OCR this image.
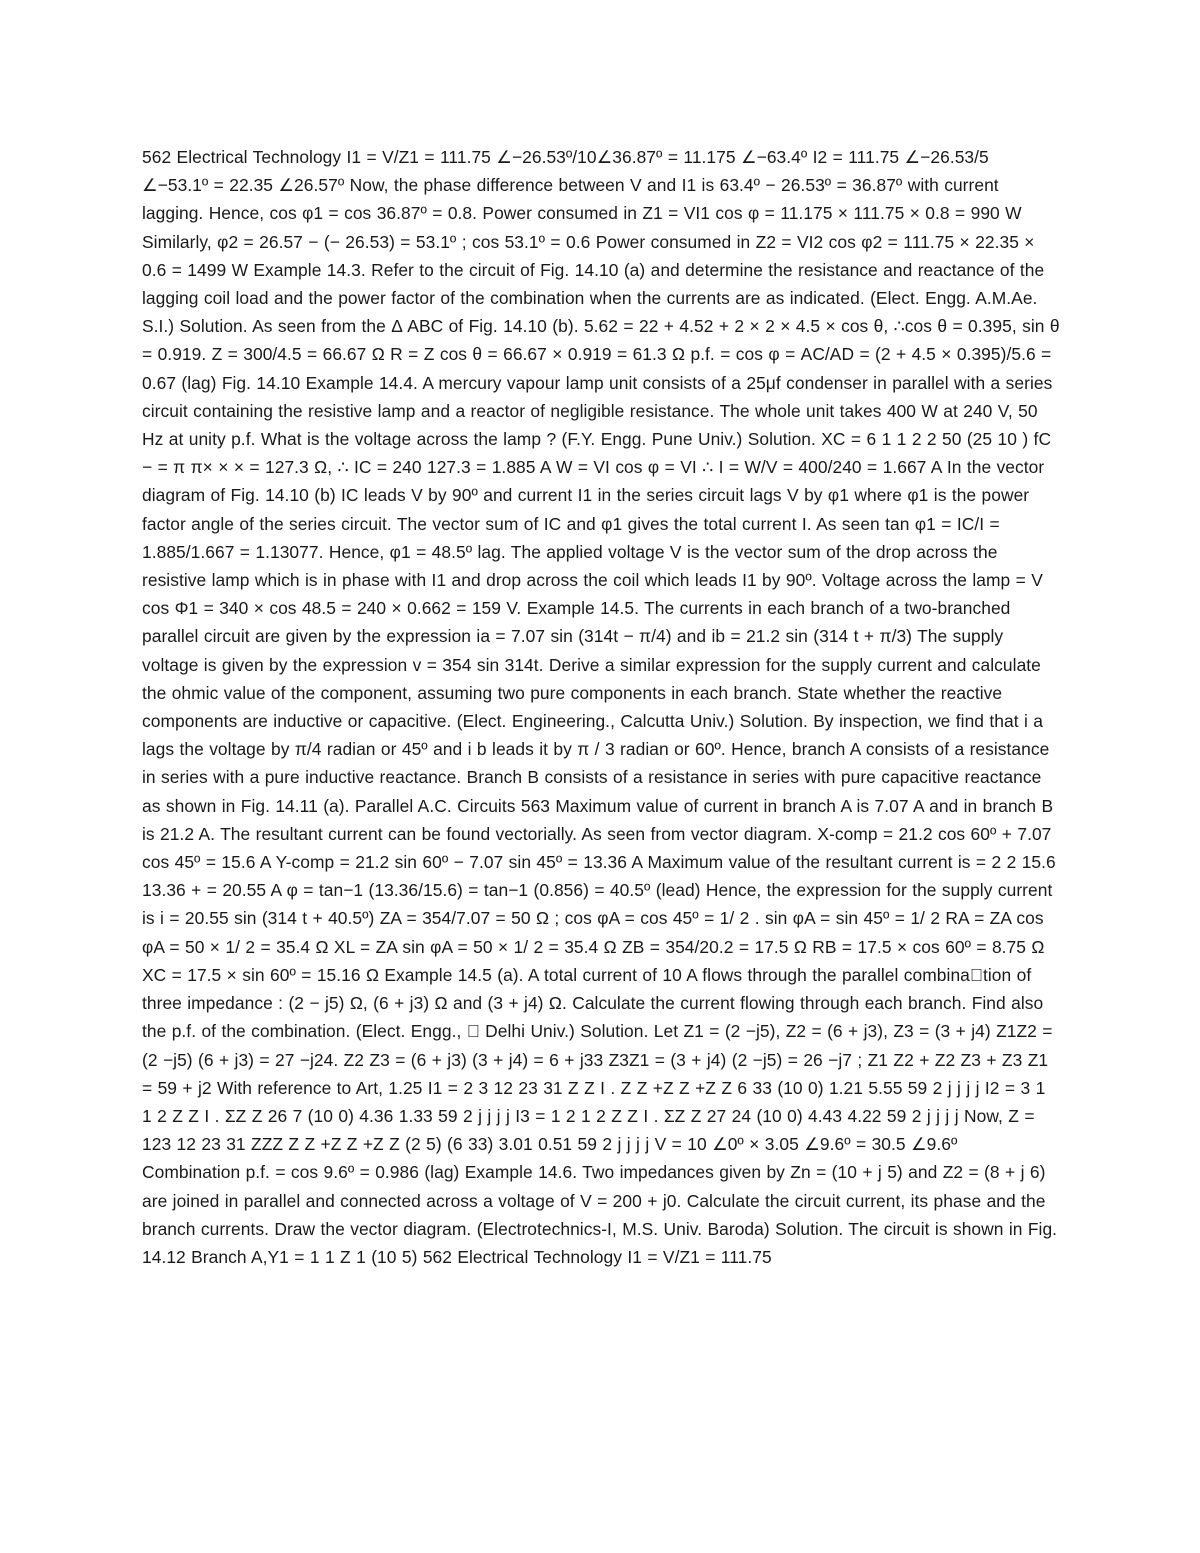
562 Electrical Technology I1 = V/Z1 = 111.75 ∠−26.53º/10∠36.87º = 11.175 ∠−63.4º I2 = 111.75 ∠−26.53/5 ∠−53.1º = 22.35 ∠26.57º Now, the phase difference between V and I1 is 63.4º − 26.53º = 36.87º with current lagging. Hence, cos φ1 = cos 36.87º = 0.8. Power consumed in Z1 = VI1 cos φ = 11.175 × 111.75 × 0.8 = 990 W Similarly, φ2 = 26.57 − (− 26.53) = 53.1º ; cos 53.1º = 0.6 Power consumed in Z2 = VI2 cos φ2 = 111.75 × 22.35 × 0.6 = 1499 W Example 14.3. Refer to the circuit of Fig. 14.10 (a) and determine the resistance and reactance of the lagging coil load and the power factor of the combination when the currents are as indicated. (Elect. Engg. A.M.Ae. S.I.) Solution. As seen from the Δ ABC of Fig. 14.10 (b). 5.62 = 22 + 4.52 + 2 × 2 × 4.5 × cos θ, ∴cos θ = 0.395, sin θ = 0.919. Z = 300/4.5 = 66.67 Ω R = Z cos θ = 66.67 × 0.919 = 61.3 Ω p.f. = cos φ = AC/AD = (2 + 4.5 × 0.395)/5.6 = 0.67 (lag) Fig. 14.10 Example 14.4. A mercury vapour lamp unit consists of a 25μf condenser in parallel with a series circuit containing the resistive lamp and a reactor of negligible resistance. The whole unit takes 400 W at 240 V, 50 Hz at unity p.f. What is the voltage across the lamp ? (F.Y. Engg. Pune Univ.) Solution. XC = 6 1 1 2 2 50 (25 10 ) fC − = π π× × × = 127.3 Ω, ∴ IC = 240 127.3 = 1.885 A W = VI cos φ = VI ∴ I = W/V = 400/240 = 1.667 A In the vector diagram of Fig. 14.10 (b) IC leads V by 90º and current I1 in the series circuit lags V by φ1 where φ1 is the power factor angle of the series circuit. The vector sum of IC and φ1 gives the total current I. As seen tan φ1 = IC/I = 1.885/1.667 = 1.13077. Hence, φ1 = 48.5º lag. The applied voltage V is the vector sum of the drop across the resistive lamp which is in phase with I1 and drop across the coil which leads I1 by 90º. Voltage across the lamp = V cos Φ1 = 340 × cos 48.5 = 240 × 0.662 = 159 V. Example 14.5. The currents in each branch of a two-branched parallel circuit are given by the expression ia = 7.07 sin (314t − π/4) and ib = 21.2 sin (314 t + π/3) The supply voltage is given by the expression v = 354 sin 314t. Derive a similar expression for the supply current and calculate the ohmic value of the component, assuming two pure components in each branch. State whether the reactive components are inductive or capacitive. (Elect. Engineering., Calcutta Univ.) Solution. By inspection, we find that i a lags the voltage by π/4 radian or 45º and i b leads it by π / 3 radian or 60º. Hence, branch A consists of a resistance in series with a pure inductive reactance. Branch B consists of a resistance in series with pure capacitive reactance as shown in Fig. 14.11 (a). Parallel A.C. Circuits 563 Maximum value of current in branch A is 7.07 A and in branch B is 21.2 A. The resultant current can be found vectorially. As seen from vector diagram. X-comp = 21.2 cos 60º + 7.07 cos 45º = 15.6 A Y-comp = 21.2 sin 60º − 7.07 sin 45º = 13.36 A Maximum value of the resultant current is = 2 2 15.6 13.36 + = 20.55 A φ = tan−1 (13.36/15.6) = tan−1 (0.856) = 40.5º (lead) Hence, the expression for the supply current is i = 20.55 sin (314 t + 40.5º) ZA = 354/7.07 = 50 Ω ; cos φA = cos 45º = 1/ 2 . sin φA = sin 45º = 1/ 2 RA = ZA cos φA = 50 × 1/ 2 = 35.4 Ω XL = ZA sin φA = 50 × 1/ 2 = 35.4 Ω ZB = 354/20.2 = 17.5 Ω RB = 17.5 × cos 60º = 8.75 Ω XC = 17.5 × sin 60º = 15.16 Ω Example 14.5 (a). A total current of 10 A flows through the parallel combina tion of three impedance : (2 − j5) Ω, (6 + j3) Ω and (3 + j4) Ω. Calculate the current flowing through each branch. Find also the p.f. of the combination. (Elect. Engg.,   Delhi Univ.) Solution. Let Z1 = (2 −j5), Z2 = (6 + j3), Z3 = (3 + j4) Z1Z2 = (2 −j5) (6 + j3) = 27 −j24. Z2 Z3 = (6 + j3) (3 + j4) = 6 + j33 Z3Z1 = (3 + j4) (2 −j5) = 26 −j7 ; Z1 Z2 + Z2 Z3 + Z3 Z1 = 59 + j2 With reference to Art, 1.25 I1 = 2 3 12 23 31 Z Z I . Z Z +Z Z +Z Z 6 33 (10 0) 1.21 5.55 59 2 j j j j I2 = 3 1 1 2 Z Z I . ΣZ Z 26 7 (10 0) 4.36 1.33 59 2 j j j j I3 = 1 2 1 2 Z Z I . ΣZ Z 27 24 (10 0) 4.43 4.22 59 2 j j j j Now, Z = 123 12 23 31 ZZZ Z Z +Z Z +Z Z (2 5) (6 33) 3.01 0.51 59 2 j j j j V = 10 ∠0º × 3.05 ∠9.6º = 30.5 ∠9.6º Combination p.f. = cos 9.6º = 0.986 (lag) Example 14.6. Two impedances given by Zn = (10 + j 5) and Z2 = (8 + j 6) are joined in parallel and connected across a voltage of V = 200 + j0. Calculate the circuit current, its phase and the branch currents. Draw the vector diagram. (Electrotechnics-I, M.S. Univ. Baroda) Solution. The circuit is shown in Fig. 14.12 Branch A,Y1 = 1 1 Z 1 (10 5) 562 Electrical Technology I1 = V/Z1 = 111.75
